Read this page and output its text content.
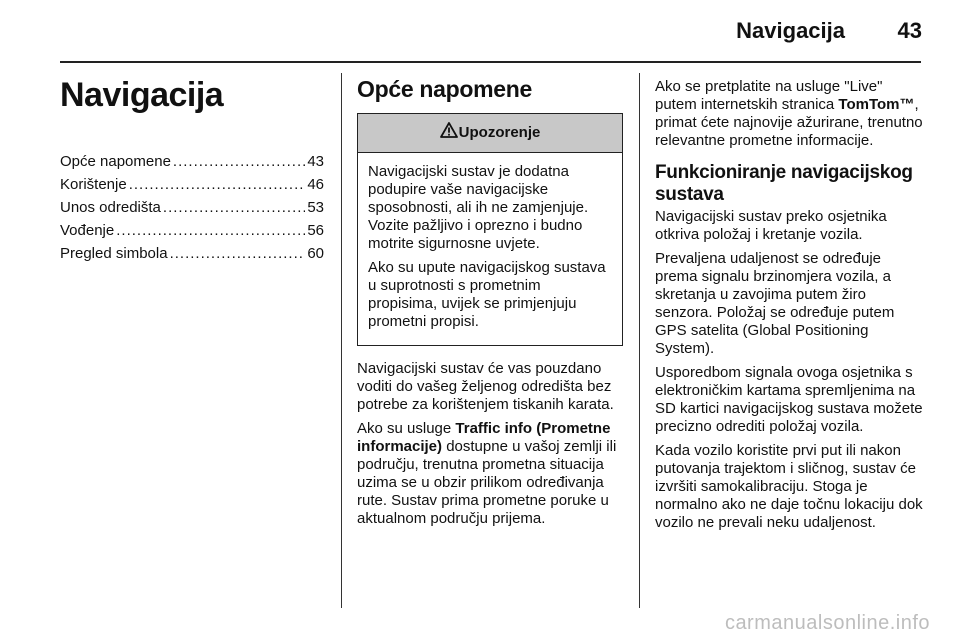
Navigacija	43
Navigacija
Opće napomene .....	43
Korištenje .....	46
Unos odredišta .....	53
Vođenje .....	56
Pregled simbola .....	60
Opće napomene
Upozorenje

Navigacijski sustav je dodatna podupire vaše navigacijske sposobnosti, ali ih ne zamjenjuje. Vozite pažljivo i oprezno i budno motrite sigurnosne uvjete.

Ako su upute navigacijskog sustava u suprotnosti s prometnim propisima, uvijek se primjenjuju prometni propisi.

Navigacijski sustav će vas pouzdano voditi do vašeg željenog odredišta bez potrebe za korištenjem tiskanih karata.

Ako su usluge Traffic info (Prometne informacije) dostupne u vašoj zemlji ili području, trenutna prometna situacija uzima se u obzir prilikom određivanja rute. Sustav prima prometne poruke u aktualnom području prijema.

Ako se pretplatite na usluge "Live" putem internetskih stranica TomTom™, primat ćete najnovije ažurirane, trenutno relevantne prometne informacije.

Funkcioniranje navigacijskog sustava

Navigacijski sustav preko osjetnika otkriva položaj i kretanje vozila.

Prevaljena udaljenost se određuje prema signalu brzinomjera vozila, a skretanja u zavojima putem žiro senzora. Položaj se određuje putem GPS satelita (Global Positioning System).

Usporedbom signala ovoga osjetnika s elektroničkim kartama spremljenima na SD kartici navigacijskog sustava možete precizno odrediti položaj vozila.

Kada vozilo koristite prvi put ili nakon putovanja trajektom i sličnog, sustav će izvršiti samokalibraciju. Stoga je normalno ako ne daje točnu lokaciju dok vozilo ne prevali neku udaljenost.

carmanualsonline.info
